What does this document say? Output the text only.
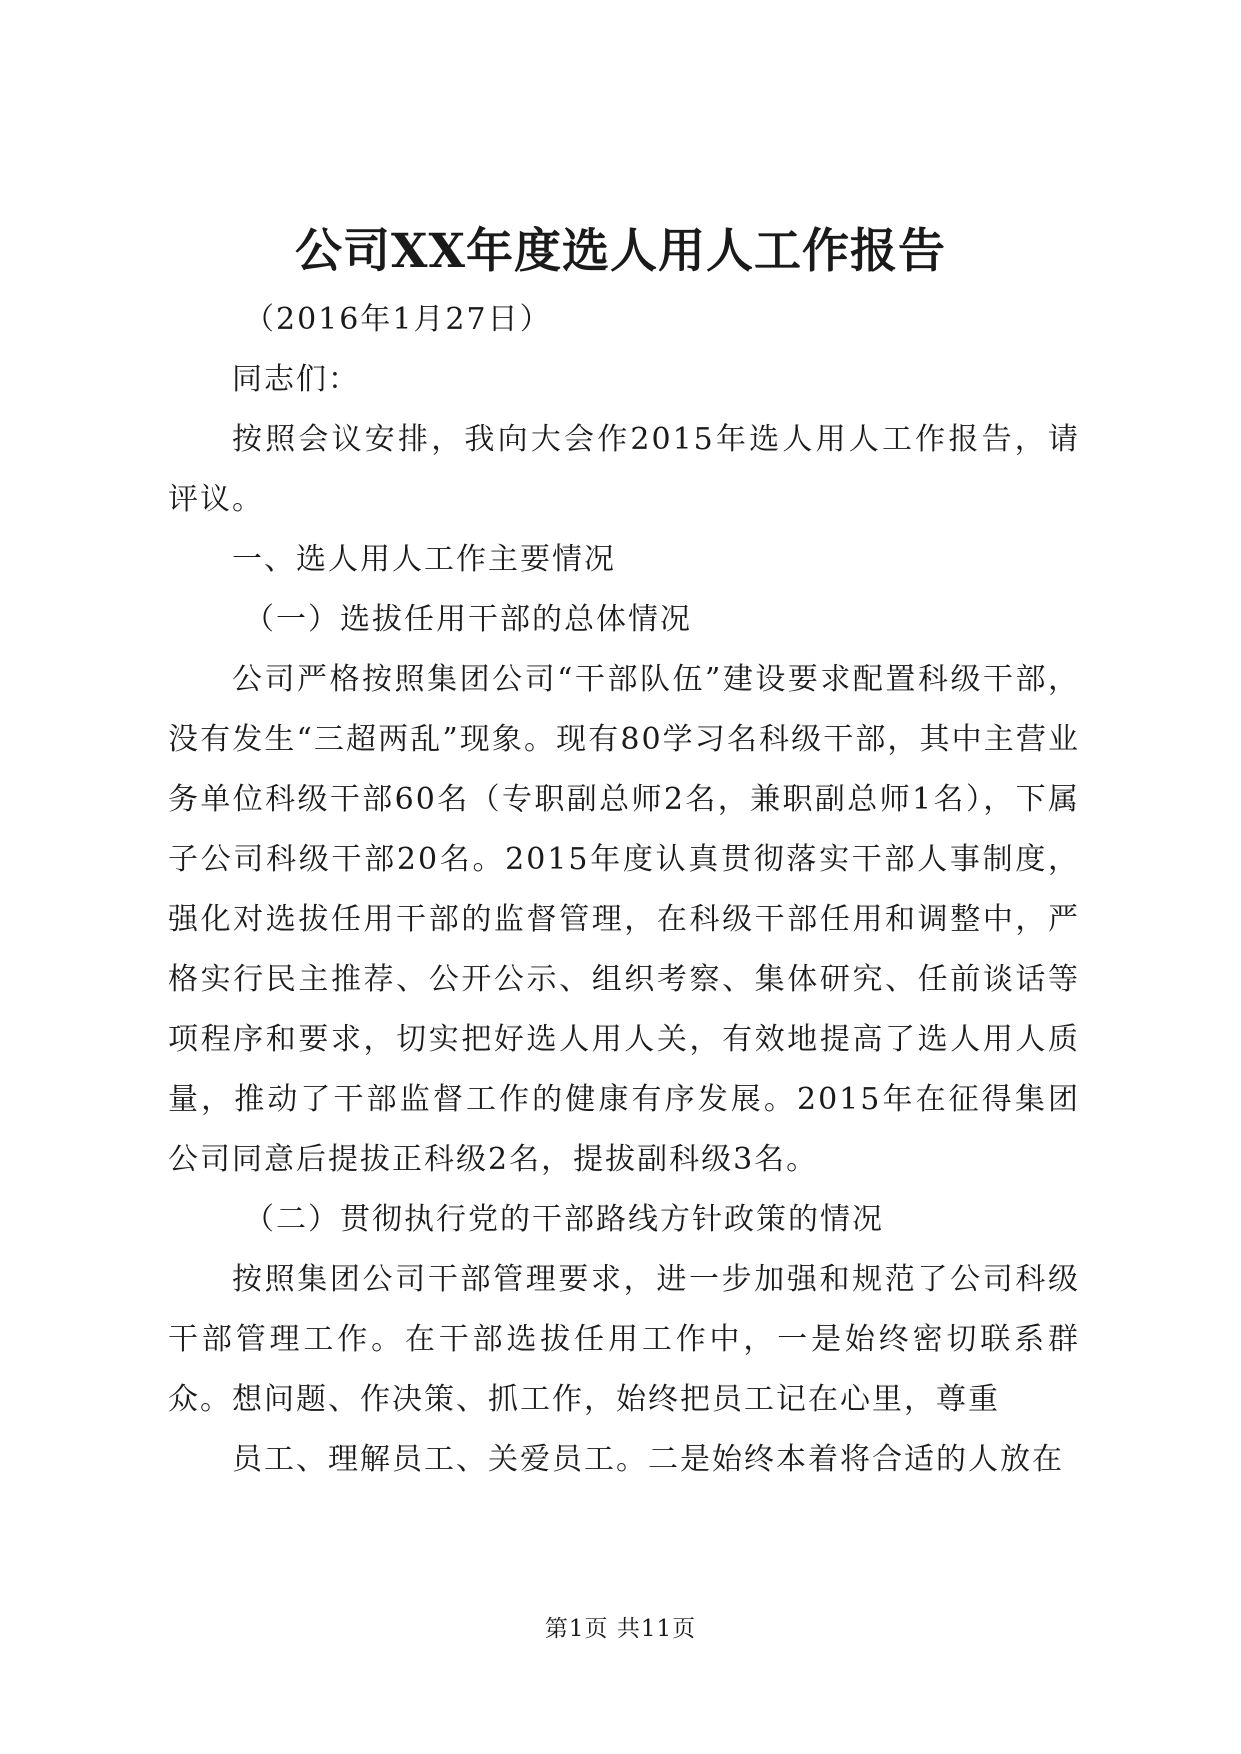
公司XX年度选人用人工作报告

（2016年1月27日）

同志们：

按照会议安排，我向大会作2015年选人用人工作报告，请评议。

一、选人用人工作主要情况

（一）选拔任用干部的总体情况

公司严格按照集团公司“干部队伍”建设要求配置科级干部，没有发生“三超两乱”现象。现有80学习名科级干部，其中主营业务单位科级干部60名（专职副总师2名，兼职副总师1名），下属子公司科级干部20名。2015年度认真贯彻落实干部人事制度，强化对选拔任用干部的监督管理，在科级干部任用和调整中，严格实行民主推荐、公开公示、组织考察、集体研究、任前谈话等项程序和要求，切实把好选人用人关，有效地提高了选人用人质量，推动了干部监督工作的健康有序发展。2015年在征得集团公司同意后提拔正科级2名，提拔副科级3名。

（二）贯彻执行党的干部路线方针政策的情况

按照集团公司干部管理要求，进一步加强和规范了公司科级干部管理工作。在干部选拔任用工作中，一是始终密切联系群众。想问题、作决策、抓工作，始终把员工记在心里，尊重

员工、理解员工、关爱员工。二是始终本着将合适的人放在

第1页 共11页
